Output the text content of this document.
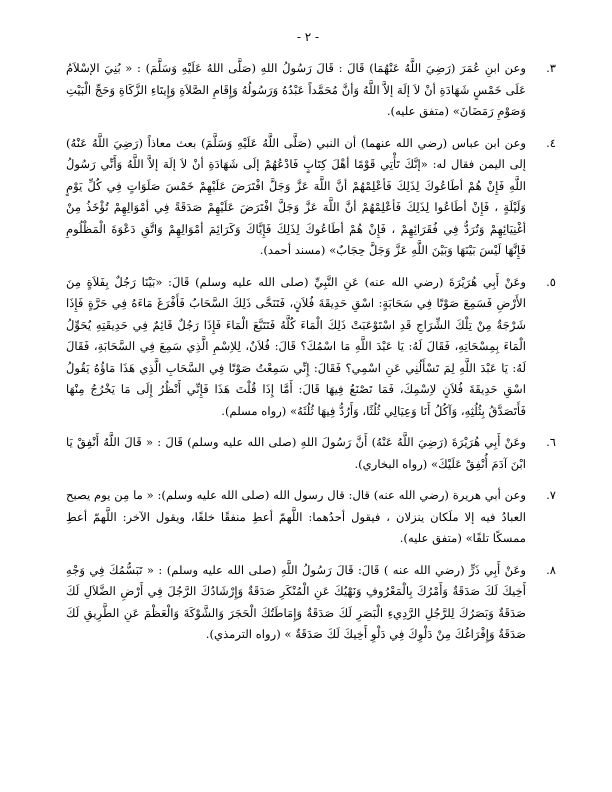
- ٢ -
٣.
وعن ابنِ عُمَرَ (رَضِيَ اللَّهُ عَنْهُمَا) قَالَ : قَالَ رَسُولُ اللهِ (صَلَّى اللهُ عَلَيْهِ وَسَلَّمَ) : « بُنِيَ الإسْلاَمُ عَلَى خَمْسٍ شَهَادَةِ أنْ لاَ إلَهَ إلاَّ اللَّهُ وَأنَّ مُحَمَّداً عَبْدُهُ وَرَسُولُهُ وَإِقَامِ الصَّلاَةِ وَإِيتَاءِ الزَّكَاةِ وَحَجِّ الْبَيْتِ وَصَوْمِ رَمَضَانَ» (متفق عليه).
٤.
وعن ابن عباس (رضي الله عنهما) أن النبي (صَلَّى اللَّهُ عَلَيْهِ وَسَلَّمَ) بعث معاذاً (رَضِيَ اللَّهُ عَنْهُ) إلى اليمن فقال له: «إنَّكَ تَأْتِي قَوْمًا أهْلَ كِتَابٍ فَادْعُهُمْ إلَى شَهَادَةِ أنْ لاَ إلَهَ إلاَّ اللَّهُ وَأَنِّي رَسُولُ اللَّهِ فَإِنْ هُمْ أطَاعُوكَ لِذَلِكَ فَأعْلِمْهُمْ أنَّ اللَّهَ عَزَّ وَجَلَّ افْتَرَضَ عَلَيْهِمْ خَمْسَ صَلَوَاتٍ فِي كُلِّ يَوْمٍ وَلَيْلَةٍ ، فَإِنْ أطَاعُوا لِذَلِكَ فَأعْلِمْهُمْ أنَّ اللَّهَ عَزَّ وَجَلَّ افْتَرَضَ عَلَيْهِمْ صَدَقَةً فِي أمْوَالِهِمْ تُؤْخَذُ مِنْ أغْنِيَائِهِمْ وَتُرَدُّ فِي فُقَرَائِهِمْ ، فَإِنْ هُمْ أطَاعُوكَ لِذَلِكَ فَإِيَّاكَ وَكَرَائِمَ أمْوَالِهِمْ وَاتَّقِ دَعْوَةَ الْمَظْلُومِ فَإِنَّهَا لَيْسَ بَيْنَهَا وَبَيْنَ اللَّهِ عَزَّ وَجَلَّ حِجَابٌ» (مسند أحمد).
٥.
وعَنْ أَبِي هُرَيْرَةَ (رضي الله عنه) عَنِ النَّبِيِّ (صلى الله عليه وسلم) قَالَ: «بَيْنَا رَجُلٌ بِفَلاَةٍ مِنَ الأَرْضِ فَسَمِعَ صَوْتًا فِي سَحَابَةٍ: اسْقِ حَدِيقَةَ فُلاَنٍ، فَتَنَحَّى ذَلِكَ السَّحَابُ فَأَفْرَغَ مَاءَهُ فِي حَرَّةٍ فَإِذَا شَرْجَةٌ مِنْ تِلْكَ الشِّرَاجِ قَدِ اسْتَوْعَبَتْ ذَلِكَ الْمَاءَ كُلَّهُ فَتَتَبَّعَ الْمَاءَ فَإِذَا رَجُلٌ قَائِمٌ فِي حَدِيقَتِهِ يُحَوِّلُ الْمَاءَ بِمِسْحَاتِهِ، فَقَالَ لَهُ: يَا عَبْدَ اللَّهِ مَا اسْمُكَ؟ قَالَ: فُلاَنٌ، لِلاِسْمِ الَّذِي سَمِعَ فِي السَّحَابَةِ، فَقَالَ لَهُ: يَا عَبْدَ اللَّهِ لِمَ تَسْأَلُنِي عَنِ اسْمِي؟ فَقَالَ: إِنِّي سَمِعْتُ صَوْتًا فِي السَّحَابِ الَّذِي هَذَا مَاؤُهُ يَقُولُ اسْقِ حَدِيقَةَ فُلاَنٍ لاِسْمِكَ، فَمَا تَصْنَعُ فِيهَا قَالَ: أَمَّا إِذَا قُلْتَ هَذَا فَإِنِّي أَنْظُرُ إِلَى مَا يَخْرُجُ مِنْهَا فَأَتَصَدَّقُ بِثُلُثِهِ، وَآكُلُ أَنَا وَعِيَالِي ثُلُثًا، وَأَرُدُّ فِيهَا ثُلُثَهُ» (رواه مسلم).
٦.
وعَنْ أَبِي هُرَيْرَةَ (رَضِيَ اللَّهُ عَنْهُ) أَنَّ رَسُولَ اللهِ (صلى الله عليه وسلم) قَالَ : « قَالَ اللَّهُ أَنْفِقْ يَا ابْنَ آدَمَ أُنْفِقْ عَلَيْكَ» (رواه البخاري).
٧.
وعن أبي هريرة (رضي الله عنه) قال: قال رسول الله (صلى الله عليه وسلم): « ما مِن يوم يصبح العبادُ فيه إلا ملَكان ينزلان ، فيقول أحدُهما: اللَّهمّ أعطِ منفقًا خلفًا، ويقول الآخر: اللَّهمّ أعطِ ممسكًا تلفًا» (متفق عليه).
٨.
وعَنْ أَبِي ذَرٍّ (رضي الله عنه ) قَالَ: قَالَ رَسُولُ اللَّهِ (صلى الله عليه وسلم) : « تَبَسُّمُكَ فِي وَجْهِ أَخِيكَ لَكَ صَدَقَةٌ وَأَمْرُكَ بِالْمَعْرُوفِ وَنَهْيُكَ عَنِ الْمُنْكَرِ صَدَقَةٌ وَإِرْشَادُكَ الرَّجُلَ فِي أَرْضِ الضَّلاَلِ لَكَ صَدَقَةٌ وَبَصَرُكَ لِلرَّجُلِ الرَّدِيءِ الْبَصَرِ لَكَ صَدَقَةٌ وَإِمَاطَتُكَ الْحَجَرَ وَالشَّوْكَةَ وَالْعَظْمَ عَنِ الطَّرِيقِ لَكَ صَدَقَةٌ وَإِفْرَاغُكَ مِنْ دَلْوِكَ فِي دَلْوِ أَخِيكَ لَكَ صَدَقَةٌ » (رواه الترمذي).
